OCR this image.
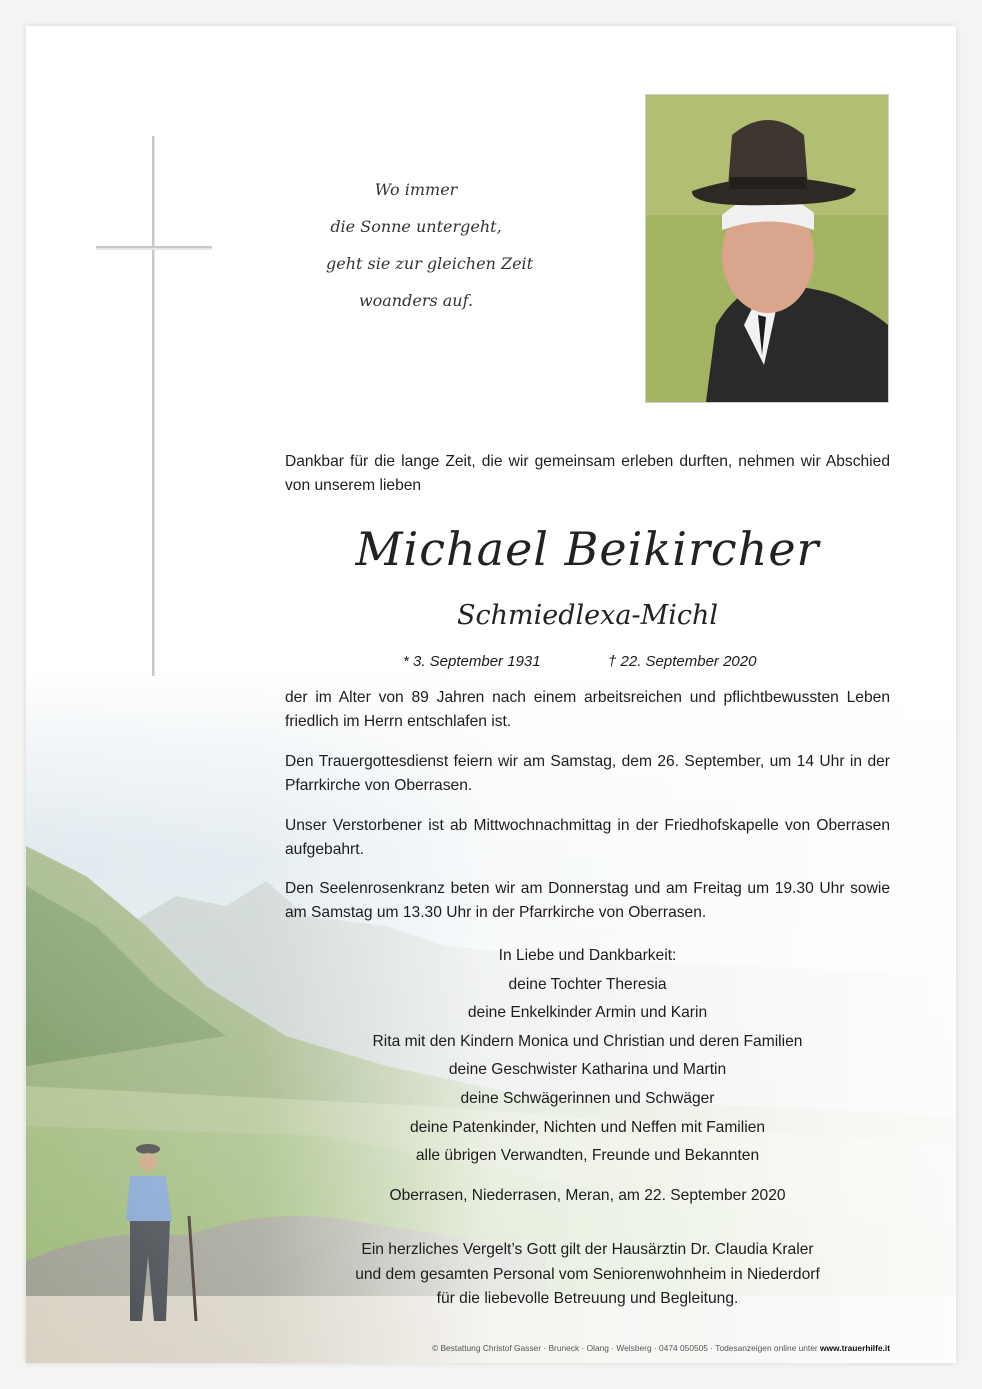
Wo immer
die Sonne untergeht,
geht sie zur gleichen Zeit
woanders auf.
Dankbar für die lange Zeit, die wir gemeinsam erleben durften, nehmen wir Abschied von unserem lieben
Michael Beikircher
Schmiedlexa-Michl
* 3. September 1931	† 22. September 2020
der im Alter von 89 Jahren nach einem arbeitsreichen und pflichtbewussten Leben friedlich im Herrn entschlafen ist.
Den Trauergottesdienst feiern wir am Samstag, dem 26. September, um 14 Uhr in der Pfarrkirche von Oberrasen.
Unser Verstorbener ist ab Mittwochnachmittag in der Friedhofskapelle von Oberrasen aufgebahrt.
Den Seelenrosenkranz beten wir am Donnerstag und am Freitag um 19.30 Uhr sowie am Samstag um 13.30 Uhr in der Pfarrkirche von Oberrasen.
In Liebe und Dankbarkeit:
deine Tochter Theresia
deine Enkelkinder Armin und Karin
Rita mit den Kindern Monica und Christian und deren Familien
deine Geschwister Katharina und Martin
deine Schwägerinnen und Schwäger
deine Patenkinder, Nichten und Neffen mit Familien
alle übrigen Verwandten, Freunde und Bekannten
Oberrasen, Niederrasen, Meran, am 22. September 2020
Ein herzliches Vergelt’s Gott gilt der Hausärztin Dr. Claudia Kraler
und dem gesamten Personal vom Seniorenwohnheim in Niederdorf
für die liebevolle Betreuung und Begleitung.
© Bestattung Christof Gasser · Bruneck · Olang · Welsberg · 0474 050505 · Todesanzeigen online unter www.trauerhilfe.it
